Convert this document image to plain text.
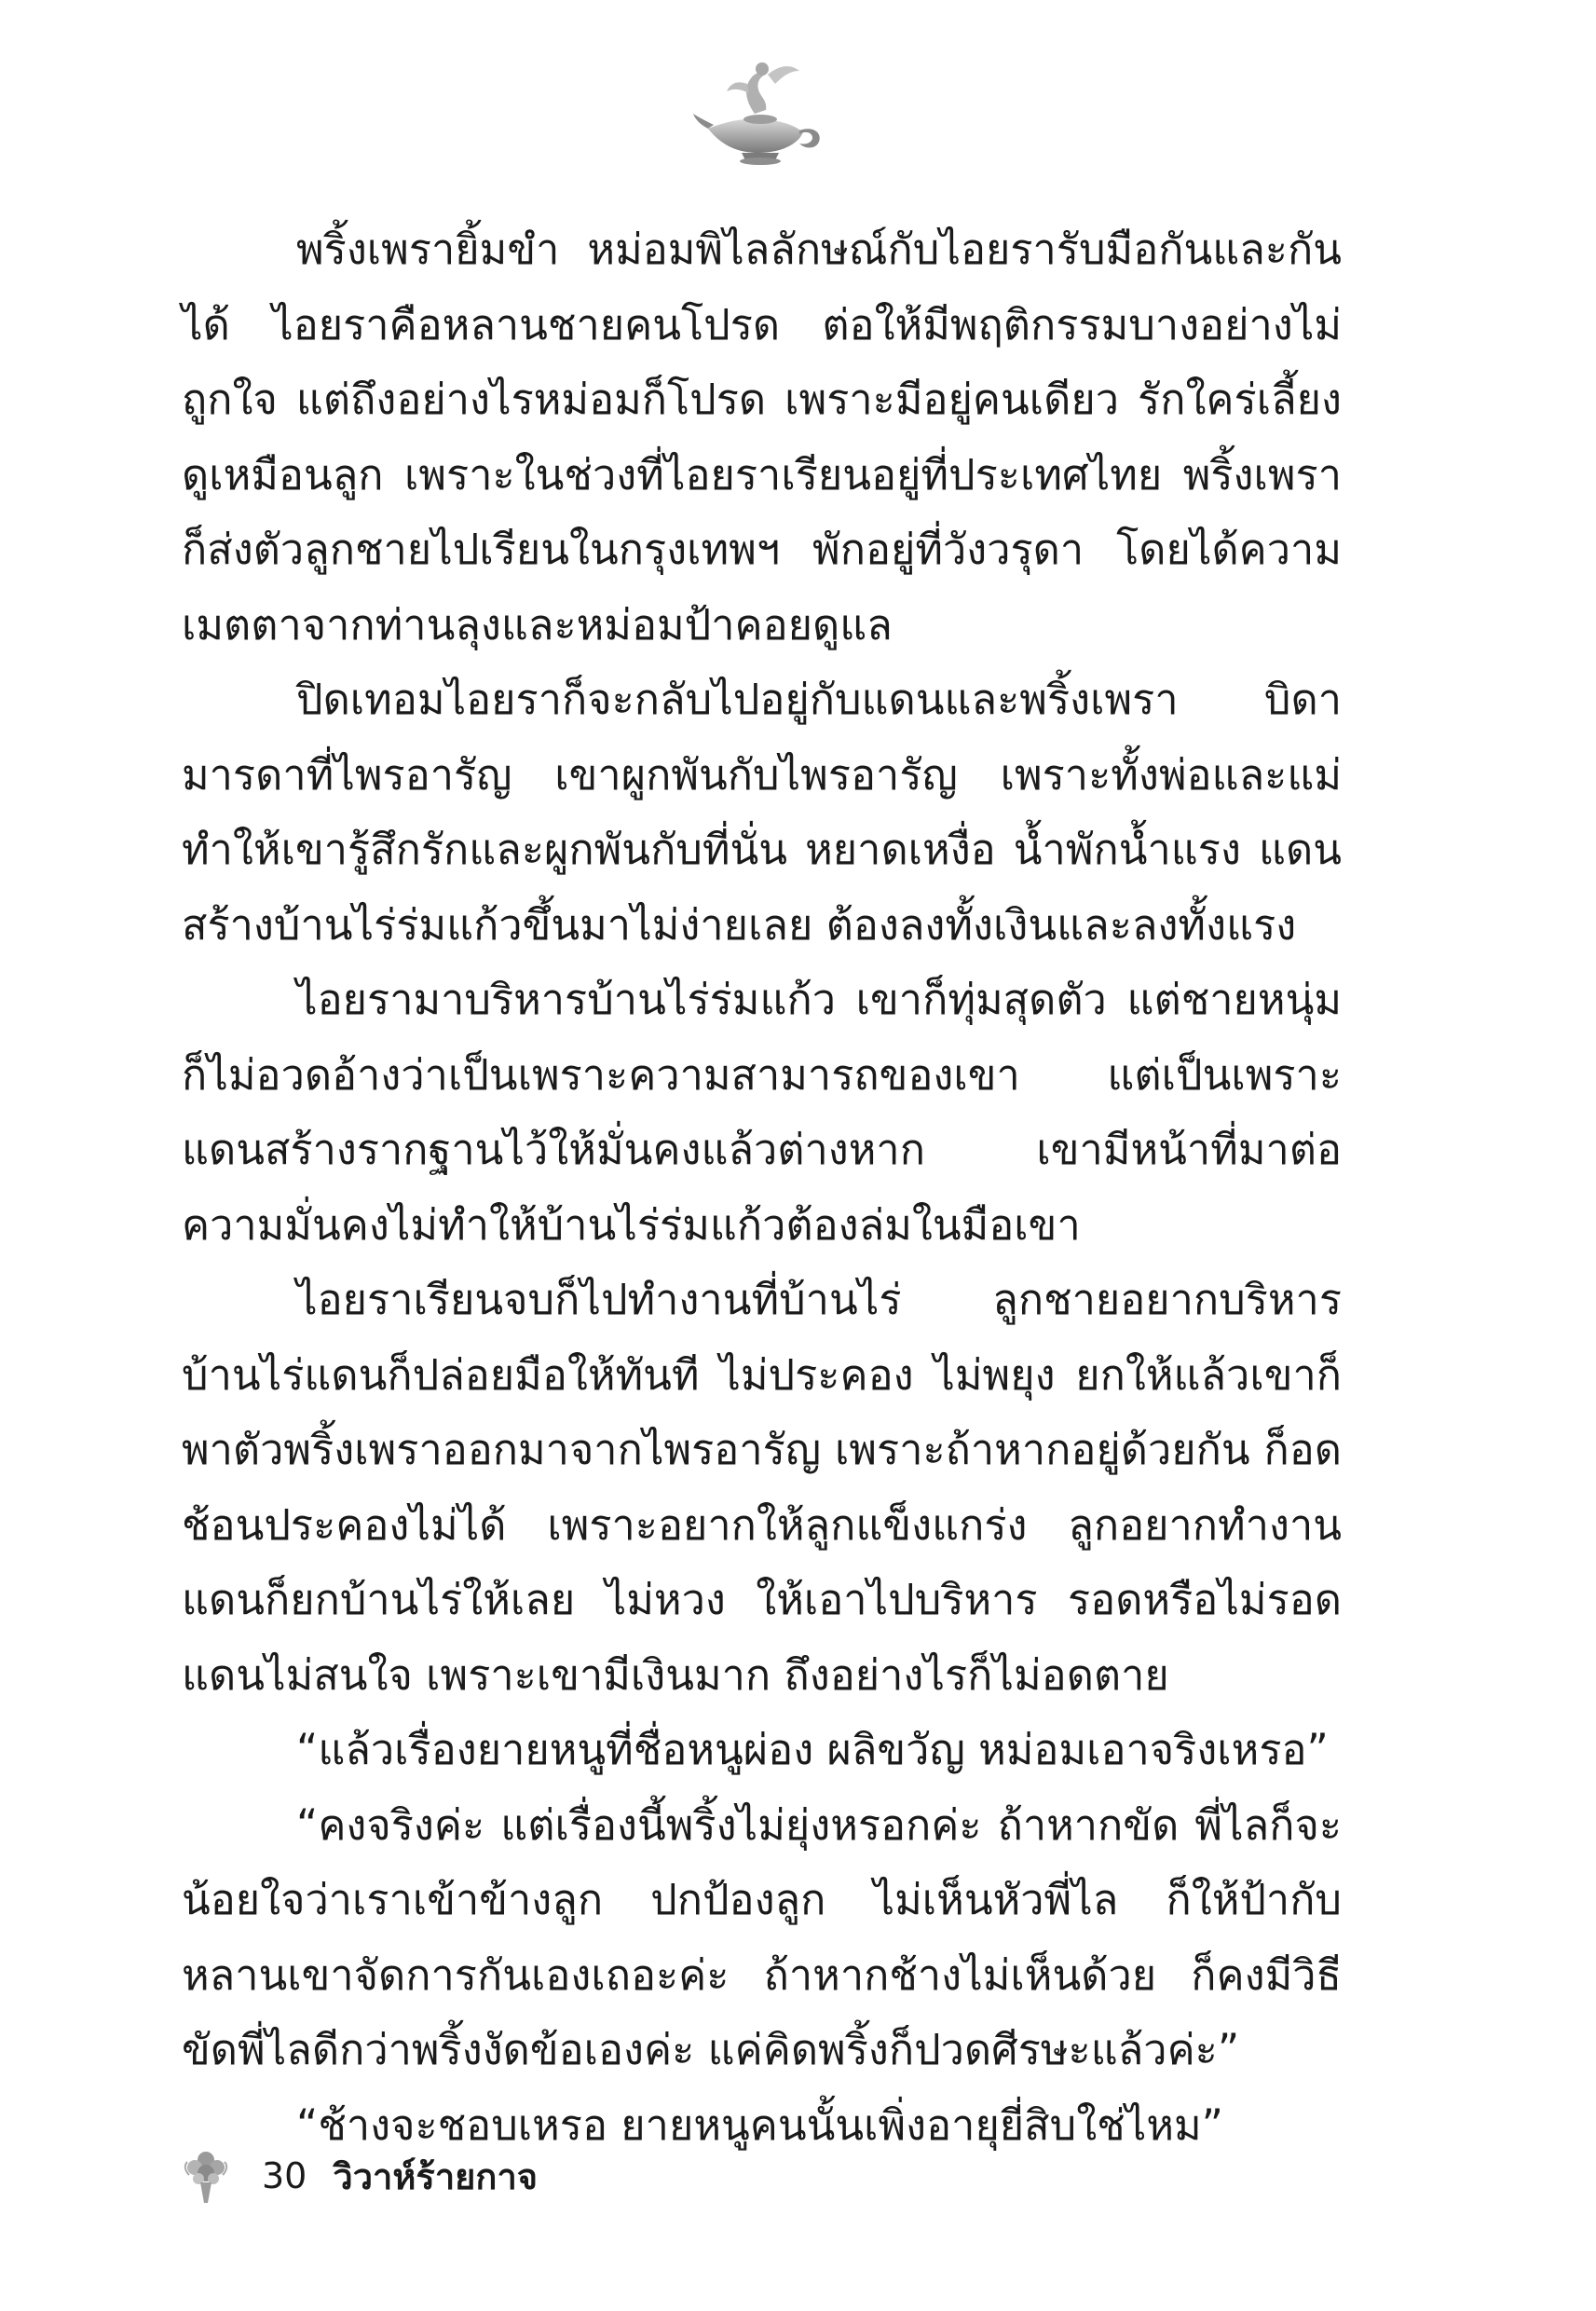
พริ้งเพรายิ้มขำ หม่อมพิไลลักษณ์กับไอยรารับมือกันและกันได้ ไอยราคือหลานชายคนโปรด ต่อให้มีพฤติกรรมบางอย่างไม่ถูกใจ แต่ถึงอย่างไรหม่อมก็โปรด เพราะมีอยู่คนเดียว รักใคร่เลี้ยงดูเหมือนลูก เพราะในช่วงที่ไอยราเรียนอยู่ที่ประเทศไทย พริ้งเพราก็ส่งตัวลูกชายไปเรียนในกรุงเทพฯ พักอยู่ที่วังวรุดา โดยได้ความเมตตาจากท่านลุงและหม่อมป้าคอยดูแล

ปิดเทอมไอยราก็จะกลับไปอยู่กับแดนและพริ้งเพรา บิดามารดาที่ไพรอารัญ เขาผูกพันกับไพรอารัญ เพราะทั้งพ่อและแม่ทำให้เขารู้สึกรักและผูกพันกับที่นั่น หยาดเหงื่อ น้ำพักน้ำแรง แดนสร้างบ้านไร่ร่มแก้วขึ้นมาไม่ง่ายเลย ต้องลงทั้งเงินและลงทั้งแรง

ไอยรามาบริหารบ้านไร่ร่มแก้ว เขาก็ทุ่มสุดตัว แต่ชายหนุ่มก็ไม่อวดอ้างว่าเป็นเพราะความสามารถของเขา แต่เป็นเพราะแดนสร้างรากฐานไว้ให้มั่นคงแล้วต่างหาก เขามีหน้าที่มาต่อความมั่นคงไม่ทำให้บ้านไร่ร่มแก้วต้องล่มในมือเขา

ไอยราเรียนจบก็ไปทำงานที่บ้านไร่ ลูกชายอยากบริหารบ้านไร่แดนก็ปล่อยมือให้ทันที ไม่ประคอง ไม่พยุง ยกให้แล้วเขาก็พาตัวพริ้งเพราออกมาจากไพรอารัญ เพราะถ้าหากอยู่ด้วยกัน ก็อดช้อนประคองไม่ได้ เพราะอยากให้ลูกแข็งแกร่ง ลูกอยากทำงาน แดนก็ยกบ้านไร่ให้เลย ไม่หวง ให้เอาไปบริหาร รอดหรือไม่รอด แดนไม่สนใจ เพราะเขามีเงินมาก ถึงอย่างไรก็ไม่อดตาย

“แล้วเรื่องยายหนูที่ชื่อหนูผ่อง ผลิขวัญ หม่อมเอาจริงเหรอ”

“คงจริงค่ะ แต่เรื่องนี้พริ้งไม่ยุ่งหรอกค่ะ ถ้าหากขัด พี่ไลก็จะน้อยใจว่าเราเข้าข้างลูก ปกป้องลูก ไม่เห็นหัวพี่ไล ก็ให้ป้ากับหลานเขาจัดการกันเองเถอะค่ะ ถ้าหากช้างไม่เห็นด้วย ก็คงมีวิธีขัดพี่ไลดีกว่าพริ้งงัดข้อเองค่ะ แค่คิดพริ้งก็ปวดศีรษะแล้วค่ะ”

“ช้างจะชอบเหรอ ยายหนูคนนั้นเพิ่งอายุยี่สิบใช่ไหม”

30 วิวาห์ร้ายกาจ
